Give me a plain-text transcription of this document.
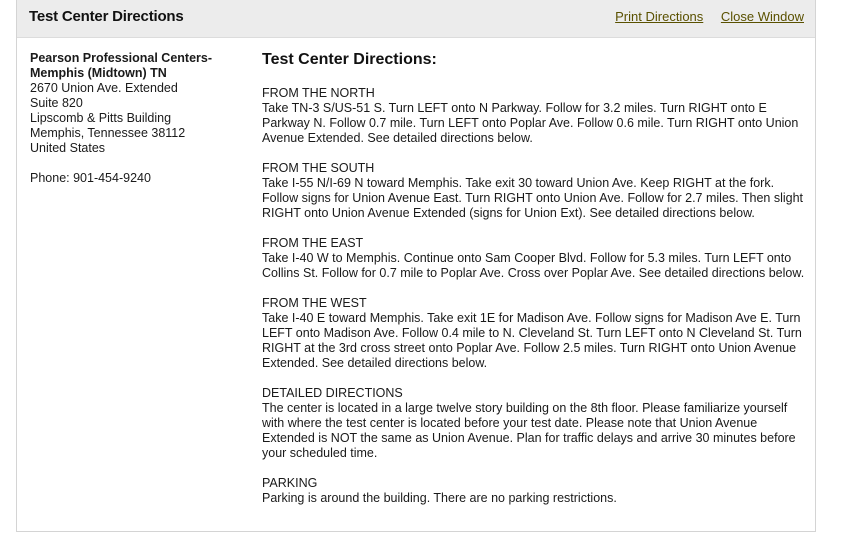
Test Center Directions	Print Directions Close Window
Pearson Professional Centers-
Memphis (Midtown) TN
2670 Union Ave. Extended
Suite 820
Lipscomb & Pitts Building
Memphis, Tennessee 38112
United States
Phone: 901-454-9240
Test Center Directions:
FROM THE NORTH
Take TN-3 S/US-51 S. Turn LEFT onto N Parkway. Follow for 3.2 miles. Turn RIGHT onto E Parkway N. Follow 0.7 mile. Turn LEFT onto Poplar Ave. Follow 0.6 mile. Turn RIGHT onto Union Avenue Extended. See detailed directions below.
FROM THE SOUTH
Take I-55 N/I-69 N toward Memphis. Take exit 30 toward Union Ave. Keep RIGHT at the fork. Follow signs for Union Avenue East. Turn RIGHT onto Union Ave. Follow for 2.7 miles. Then slight RIGHT onto Union Avenue Extended (signs for Union Ext). See detailed directions below.
FROM THE EAST
Take I-40 W to Memphis. Continue onto Sam Cooper Blvd. Follow for 5.3 miles. Turn LEFT onto Collins St. Follow for 0.7 mile to Poplar Ave. Cross over Poplar Ave. See detailed directions below.
FROM THE WEST
Take I-40 E toward Memphis. Take exit 1E for Madison Ave. Follow signs for Madison Ave E. Turn LEFT onto Madison Ave. Follow 0.4 mile to N. Cleveland St. Turn LEFT onto N Cleveland St. Turn RIGHT at the 3rd cross street onto Poplar Ave. Follow 2.5 miles. Turn RIGHT onto Union Avenue Extended. See detailed directions below.
DETAILED DIRECTIONS
The center is located in a large twelve story building on the 8th floor. Please familiarize yourself with where the test center is located before your test date. Please note that Union Avenue Extended is NOT the same as Union Avenue. Plan for traffic delays and arrive 30 minutes before your scheduled time.
PARKING
Parking is around the building. There are no parking restrictions.
